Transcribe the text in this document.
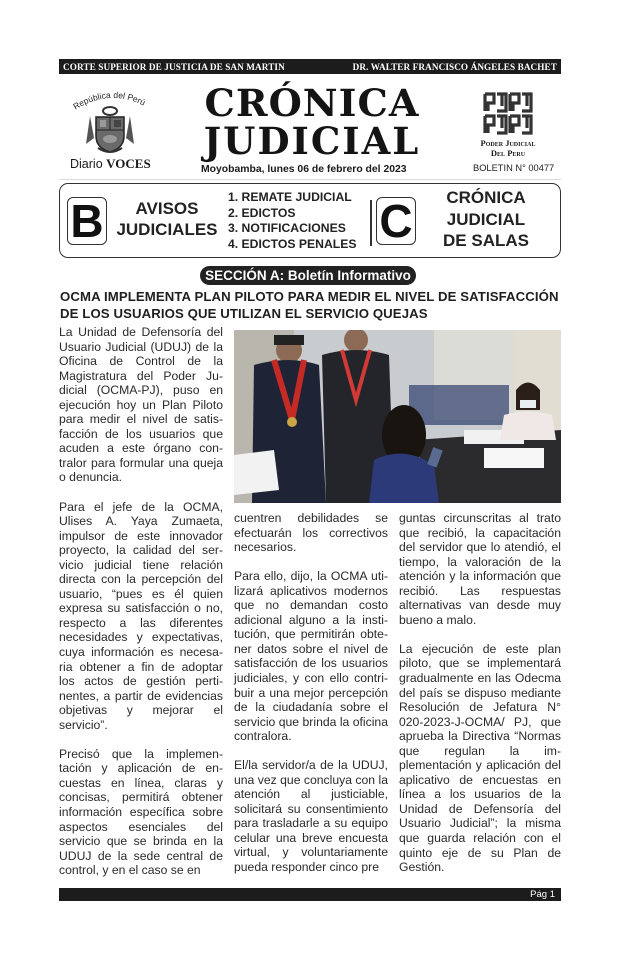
CORTE SUPERIOR DE JUSTICIA DE SAN MARTIN	DR. WALTER FRANCISCO ÁNGELES BACHET
República del Perú
Diario VOCES
CRÓNICA
JUDICIAL
Moyobamba, lunes 06 de febrero del 2023
Poder Judicial
Del Peru
BOLETIN N° 00477
B	AVISOS
JUDICIALES
1. REMATE JUDICIAL
2. EDICTOS
3. NOTIFICACIONES
4. EDICTOS PENALES C	CRÓNICA
JUDICIAL
DE SALAS
SECCIÓN A: Boletín Informativo
OCMA IMPLEMENTA PLAN PILOTO PARA MEDIR EL NIVEL DE SATISFACCIÓN
DE LOS USUARIOS QUE UTILIZAN EL SERVICIO QUEJAS

La Unidad de Defensoría del Usuario Judicial (UDUJ) de la Oficina de Control de la Magistratura del Poder Judicial (OCMA-PJ), puso en ejecución hoy un Plan Piloto para medir el nivel de satisfacción de los usuarios que acuden a este órgano contralor para formular una queja o denuncia.

Para el jefe de la OCMA, Ulises A. Yaya Zumaeta, impulsor de este innovador proyecto, la calidad del servicio judicial tiene relación directa con la percepción del usuario, “pues es él quien expresa su satisfacción o no, respecto a las diferentes necesidades y expectativas, cuya información es necesaria obtener a fin de adoptar los actos de gestión pertinentes, a partir de evidencias objetivas y mejorar el servicio”.

Precisó que la implementación y aplicación de encuestas en línea, claras y concisas, permitirá obtener información específica sobre aspectos esenciales del servicio que se brinda en la UDUJ de la sede central de control, y en el caso se en

cuentren debilidades se efectuarán los correctivos necesarios.

Para ello, dijo, la OCMA utilizará aplicativos modernos que no demandan costo adicional alguno a la institución, que permitirán obtener datos sobre el nivel de satisfacción de los usuarios judiciales, y con ello contribuir a una mejor percepción de la ciudadanía sobre el servicio que brinda la oficina contralora.

El/la servidor/a de la UDUJ, una vez que concluya con la atención al justiciable, solicitará su consentimiento para trasladarle a su equipo celular una breve encuesta virtual, y voluntariamente pueda responder cinco pre

guntas circunscritas al trato que recibió, la capacitación del servidor que lo atendió, el tiempo, la valoración de la atención y la información que recibió. Las respuestas alternativas van desde muy bueno a malo.

La ejecución de este plan piloto, que se implementará gradualmente en las Odecma del país se dispuso mediante Resolución de Jefatura N° 020-2023-J-OCMA/ PJ, que aprueba la Directiva “Normas que regulan la implementación y aplicación del aplicativo de encuestas en línea a los usuarios de la Unidad de Defensoría del Usuario Judicial”; la misma que guarda relación con el quinto eje de su Plan de Gestión.

Pág 1
